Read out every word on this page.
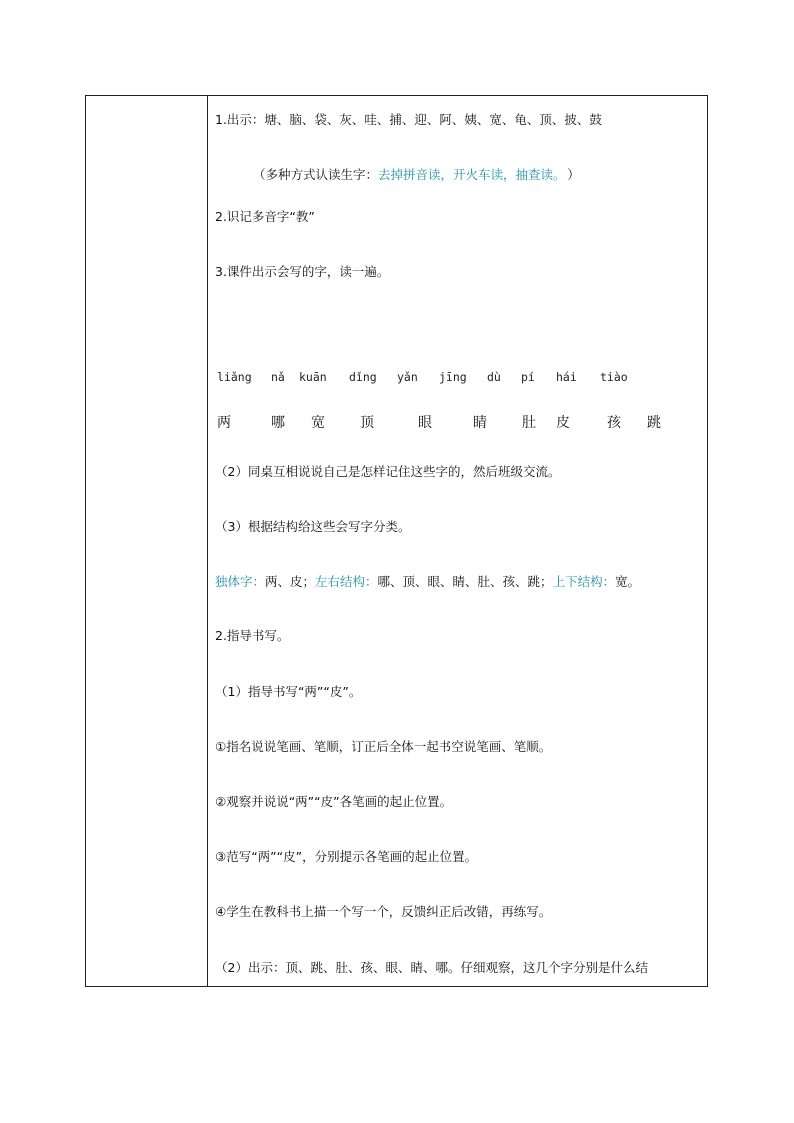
1.出示：塘、脑、袋、灰、哇、捕、迎、阿、姨、宽、龟、顶、披、鼓
（多种方式认读生字：去掉拼音读，开火车读，抽查读。 ）
2.识记多音字“教”
3.课件出示会写的字，读一遍。
liǎng nǎ kuān dǐng yǎn jīng dù pí hái tiào
两	哪 宽	顶	眼	睛	肚 皮	孩 跳
（2）同桌互相说说自己是怎样记住这些字的，然后班级交流。
（3）根据结构给这些会写字分类。
独体字：两、皮；左右结构：哪、顶、眼、睛、肚、孩、跳；上下结构：宽。
2.指导书写。
（1）指导书写“两”“皮”。
①指名说说笔画、笔顺，订正后全体一起书空说笔画、笔顺。
②观察并说说“两”“皮”各笔画的起止位置。
③范写“两”“皮”，分别提示各笔画的起止位置。
④学生在教科书上描一个写一个，反馈纠正后改错，再练写。
（2）出示：顶、跳、肚、孩、眼、睛、哪。仔细观察，这几个字分别是什么结
